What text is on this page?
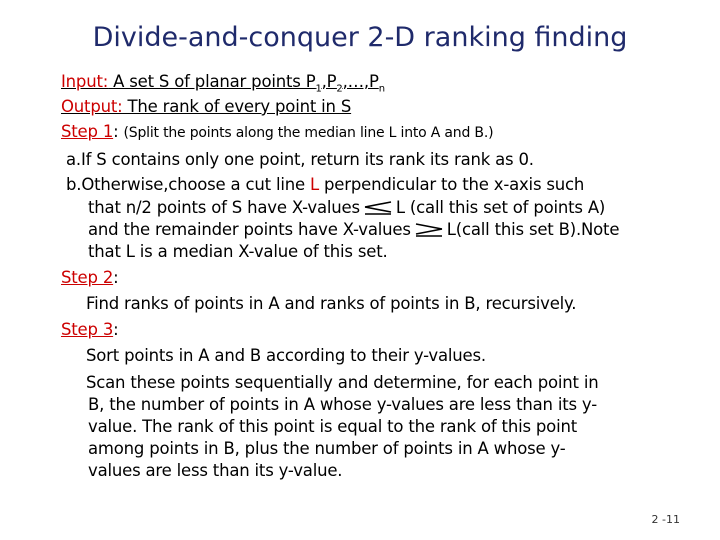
Divide-and-conquer 2-D ranking finding
Input: A set S of planar points $P_1,P_2,\dots,P_n$
Output: The rank of every point in S
Step 1: (Split the points along the median line L into A and B.)
a.If S contains only one point, return its rank its rank as 0.
b.Otherwise,choose a cut line L perpendicular to the x-axis such
that n/2 points of S have X-values L (call this set of points A)
and the remainder points have X-values L(call this set B).Note
that L is a median X-value of this set.
Step 2:
Find ranks of points in A and ranks of points in B, recursively.
Step 3:
Sort points in A and B according to their y-values.
Scan these points sequentially and determine, for each point in
B, the number of points in A whose y-values are less than its y-
value. The rank of this point is equal to the rank of this point
among points in B, plus the number of points in A whose y-
values are less than its y-value.
2 -11
